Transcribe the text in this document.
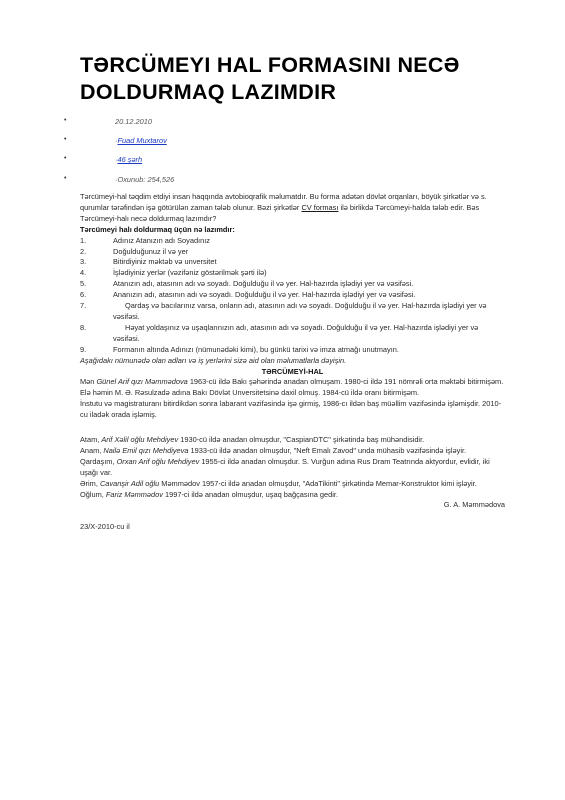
TƏRCÜMEYI HAL FORMASINI NECƏ DOLDURMAQ LAZIMDIR
•	20.12.2010
•	·Fuad Muxtarov
•	·46 şərh
•	·Oxunub: 254,526

Tərcümeyi-hal təqdim etdiyi insan haqqında avtobioqrafik məlumatdır. Bu forma adətən dövlət orqanları, böyük şirkətlər və s. qurumlar tərəfindən işə götürülən zaman tələb olunur. Bəzi şirkətlər CV forması ilə birlikdə Tərcümeyi-halda tələb edir. Bəs Tərcümeyi-halı necə doldurmaq lazımdır?

Tərcümeyi halı doldurmaq üçün nə lazımdır:

1.	Adınız Atanızın adı Soyadınız
2.	Doğulduğunuz il və yer
3.	Bitirdiyiniz məktəb və unversitet
4.	İşlədiyiniz yerlər (vəzifəniz göstərilmək şərti ilə)
5.	Atanızın adı, atasının adı və soyadı. Doğulduğu il və yer. Hal-hazırda işlədiyi yer və vəsifəsi.
6.	Ananızın adı, atasının adı və soyadı. Doğulduğu il və yer. Hal-hazırda işlədiyi yer və vəsifəsi.
7.	Qardaş və bacılarınız varsa, onların adı, atasının adı və soyadı. Doğulduğu il və yer. Hal-hazırda işlədiyi yer və vəsifəsi.
8.	Həyat yoldaşınız və uşaqlarınızın adı, atasının adı və soyadı. Doğulduğu il və yer. Hal-hazırda işlədiyi yer və vəsifəsi.
9.	Formanın altında Adınızı (nümunədəki kimi), bu günkü tarixi və imza atmağı unutmayın.

Aşağıdakı nümunədə olan adları və iş yerlərini sizə aid olan məlumatlarla dəyişin.

TƏRCÜMEYİ-HAL

Mən Günel Arif qızı Məmmədova 1963-cü ildə Bakı şəhərində anadan olmuşam. 1980-ci ildə 191 nömrəli orta məktəbi bitirmişəm. Elə həmin M. Ə. Rəsulzadə adına Bakı Dövlət Unversitetsinə daxil olmuş. 1984-cü ildə oranı bitirmişəm.

İnstutu və magistraturanı bitirdikdən sonra labarant vəzifəsində işə girmiş, 1986-cı ildən baş müəllim vəzifəsində işləmişdir. 2010-cu iladək orada işləmiş.

Atam, Arif Xəlil oğlu Mehdiyev 1930-cü ildə anadan olmuşdur, "CaspianDTC" şirkətində baş mühəndisidir.

Anam, Nailə Emil qızı Mehdiyeva 1933-cü ildə anadan olmuşdur, "Neft Emalı Zavod" unda mühasib vəzifəsində işləyir.

Qardaşım, Orxan Arif oğlu Mehdiyev 1955-ci ildə anadan olmuşdur. S. Vurğun adına Rus Dram Teatrında aktyordur, evlidir, iki uşağı var.

Ərim, Cavanşir Adil oğlu Məmmədov 1957-ci ildə anadan olmuşdur, "AdaTikinti" şirkətində Memar-Konstruktor kimi işləyir.

Oğlum, Fariz Məmmədov 1997-ci ildə anadan olmuşdur, uşaq bağçasına gedir.

G. A. Məmmədova

23/X-2010-cu il
